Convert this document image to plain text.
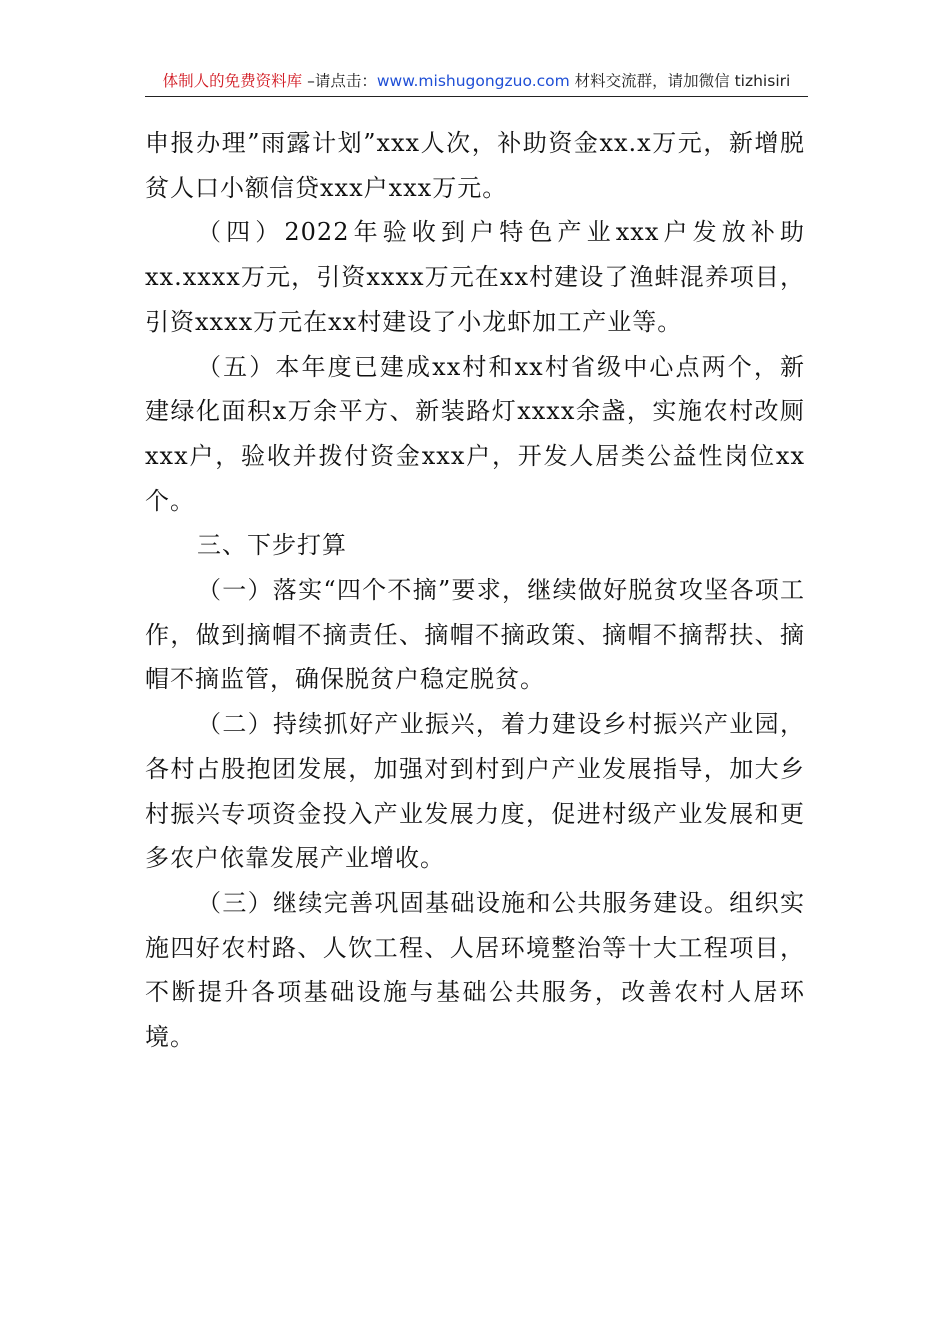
体制人的免费资料库 –请点击：www.mishugongzuo.com 材料交流群，请加微信 tizhisiri

申报办理”雨露计划”xxx人次，补助资金xx.x万元，新增脱贫人口小额信贷xxx户xxx万元。

（四）2022年验收到户特色产业xxx户发放补助xx.xxxx万元，引资xxxx万元在xx村建设了渔蚌混养项目，引资xxxx万元在xx村建设了小龙虾加工产业等。

（五）本年度已建成xx村和xx村省级中心点两个，新建绿化面积x万余平方、新装路灯xxxx余盏，实施农村改厕xxx户，验收并拨付资金xxx户，开发人居类公益性岗位xx个。

三、下步打算

（一）落实“四个不摘”要求，继续做好脱贫攻坚各项工作，做到摘帽不摘责任、摘帽不摘政策、摘帽不摘帮扶、摘帽不摘监管，确保脱贫户稳定脱贫。

（二）持续抓好产业振兴，着力建设乡村振兴产业园，各村占股抱团发展，加强对到村到户产业发展指导，加大乡村振兴专项资金投入产业发展力度，促进村级产业发展和更多农户依靠发展产业增收。

（三）继续完善巩固基础设施和公共服务建设。组织实施四好农村路、人饮工程、人居环境整治等十大工程项目，不断提升各项基础设施与基础公共服务，改善农村人居环境。
